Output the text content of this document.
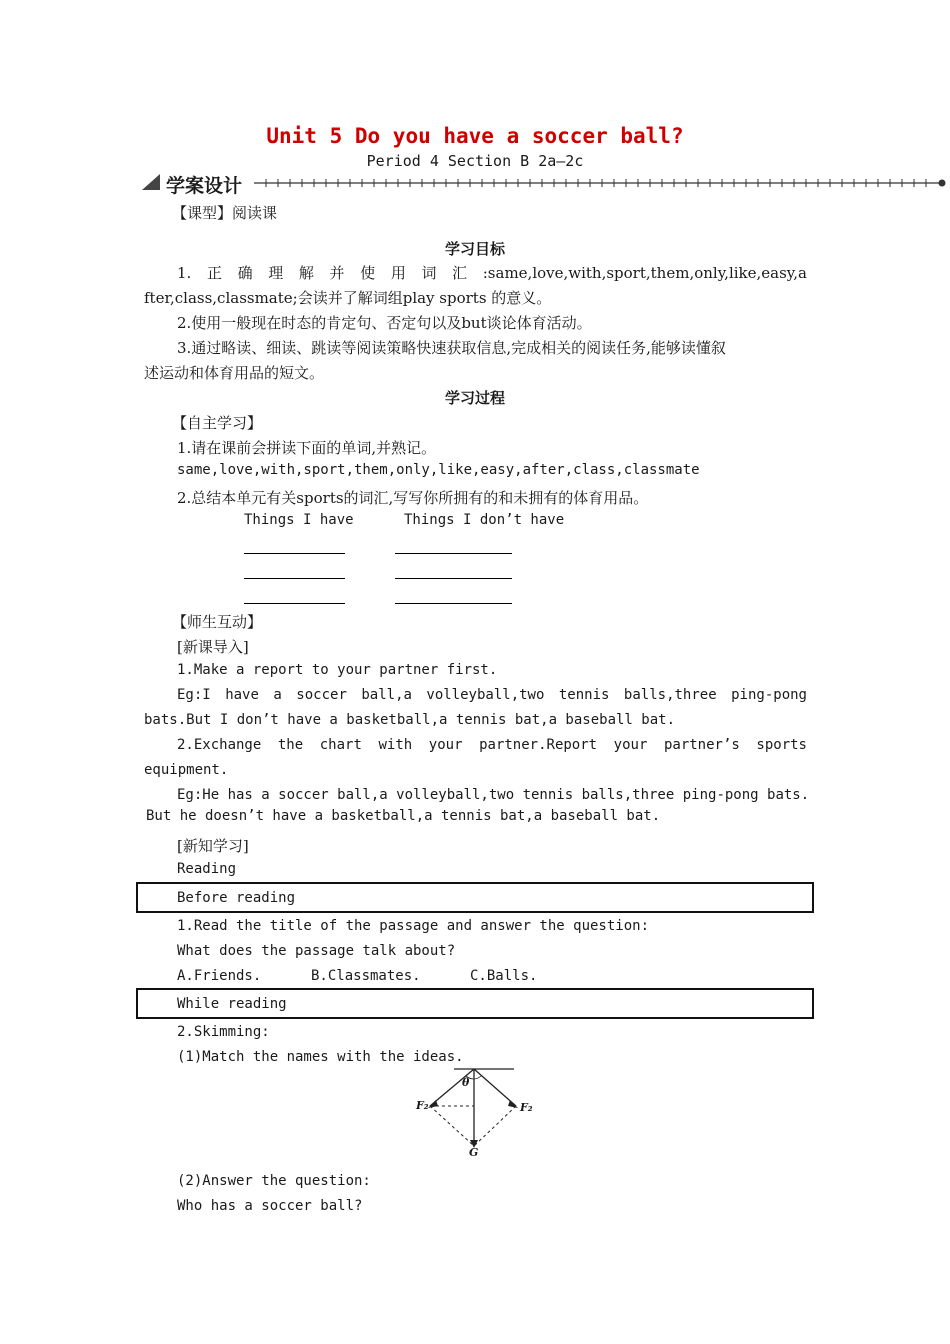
Unit 5 Do you have a soccer ball?
Period 4 Section B 2a—2c
学案设计
【课型】阅读课
学习目标
1.正确理解并使用词汇:same,love,with,sport,them,only,like,easy,a
fter,class,classmate;会读并了解词组play sports 的意义。
2.使用一般现在时态的肯定句、否定句以及but谈论体育活动。
3.通过略读、细读、跳读等阅读策略快速获取信息,完成相关的阅读任务,能够读懂叙
述运动和体育用品的短文。
学习过程
【自主学习】
1.请在课前会拼读下面的单词,并熟记。
same,love,with,sport,them,only,like,easy,after,class,classmate
2.总结本单元有关sports的词汇,写写你所拥有的和未拥有的体育用品。
Things I have	Things I don’t have
【师生互动】
[新课导入]
1.Make a report to your partner first.
Eg:I have a soccer ball,a volleyball,two tennis balls,three ping-pong
bats.But I don’t have a basketball,a tennis bat,a baseball bat.
2.Exchange the chart with your partner.Report your partner’s sports
equipment.
Eg:He has a soccer ball,a volleyball,two tennis balls,three ping-pong bats.
But he doesn’t have a basketball,a tennis bat,a baseball bat.
[新知学习]
Reading
Before reading
1.Read the title of the passage and answer the question:
What does the passage talk about?
A.Friends.	B.Classmates.	C.Balls.
While reading
2.Skimming:
(1)Match the names with the ideas.
θ
F₂	F₂
G
(2)Answer the question:
Who has a soccer ball?
